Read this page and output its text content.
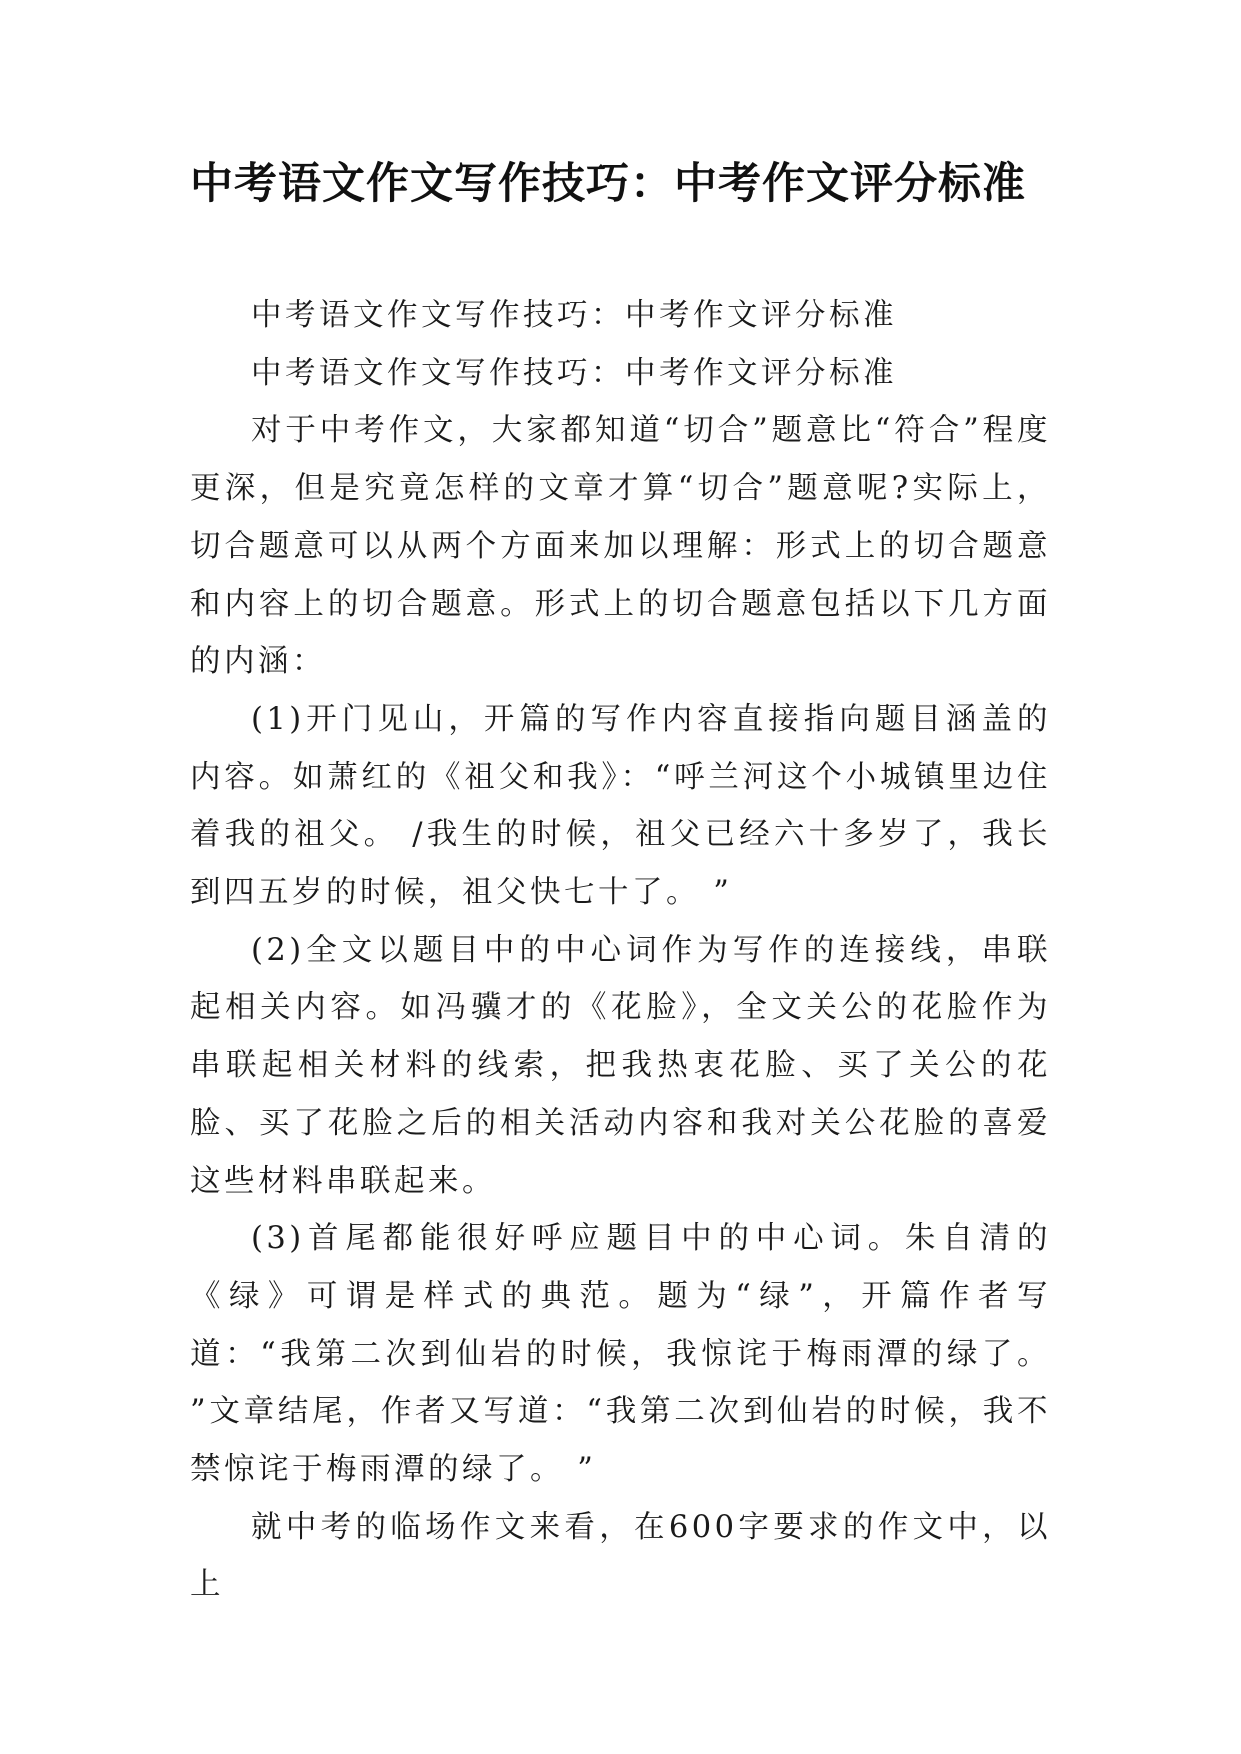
中考语文作文写作技巧：中考作文评分标准

中考语文作文写作技巧：中考作文评分标准

中考语文作文写作技巧：中考作文评分标准

对于中考作文，大家都知道“切合”题意比“符合”程度更深，但是究竟怎样的文章才算“切合”题意呢?实际上，切合题意可以从两个方面来加以理解：形式上的切合题意和内容上的切合题意。形式上的切合题意包括以下几方面的内涵：

(1)开门见山，开篇的写作内容直接指向题目涵盖的内容。如萧红的《祖父和我》：“呼兰河这个小城镇里边住着我的祖父。 /我生的时候，祖父已经六十多岁了，我长到四五岁的时候，祖父快七十了。 ”

(2)全文以题目中的中心词作为写作的连接线，串联起相关内容。如冯骥才的《花脸》，全文关公的花脸作为串联起相关材料的线索，把我热衷花脸、买了关公的花脸、买了花脸之后的相关活动内容和我对关公花脸的喜爱这些材料串联起来。

(3)首尾都能很好呼应题目中的中心词。朱自清的《绿》可谓是样式的典范。题为“绿”，开篇作者写道：“我第二次到仙岩的时候，我惊诧于梅雨潭的绿了。 ”文章结尾，作者又写道：“我第二次到仙岩的时候，我不禁惊诧于梅雨潭的绿了。 ”

就中考的临场作文来看，在600字要求的作文中，以上
